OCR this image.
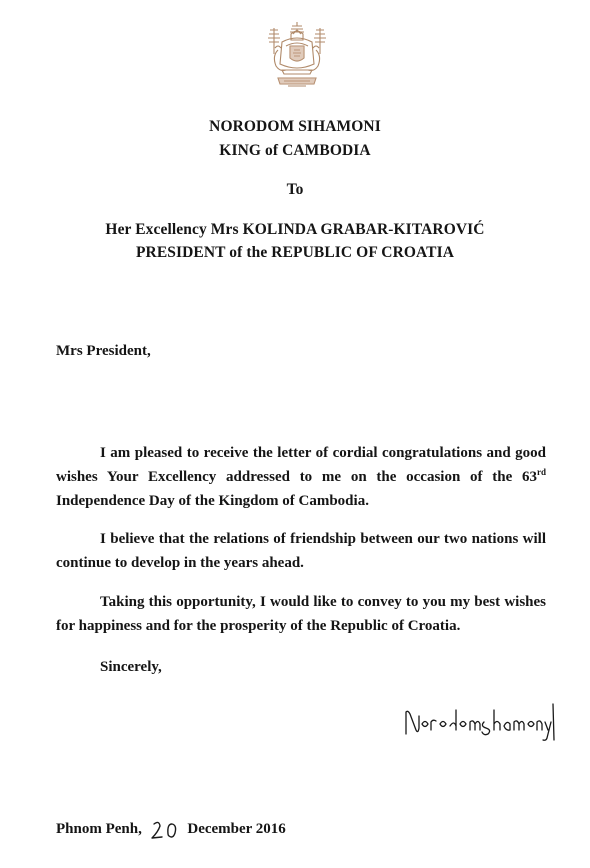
NORODOM SIHAMONI
KING of CAMBODIA
To
Her Excellency Mrs KOLINDA GRABAR-KITAROVIĆ
PRESIDENT of the REPUBLIC OF CROATIA
Mrs President,
I am pleased to receive the letter of cordial congratulations and good wishes Your Excellency addressed to me on the occasion of the 63rd Independence Day of the Kingdom of Cambodia.
I believe that the relations of friendship between our two nations will continue to develop in the years ahead.
Taking this opportunity, I would like to convey to you my best wishes for happiness and for the prosperity of the Republic of Croatia.
Sincerely,
Phnom Penh,	December 2016
